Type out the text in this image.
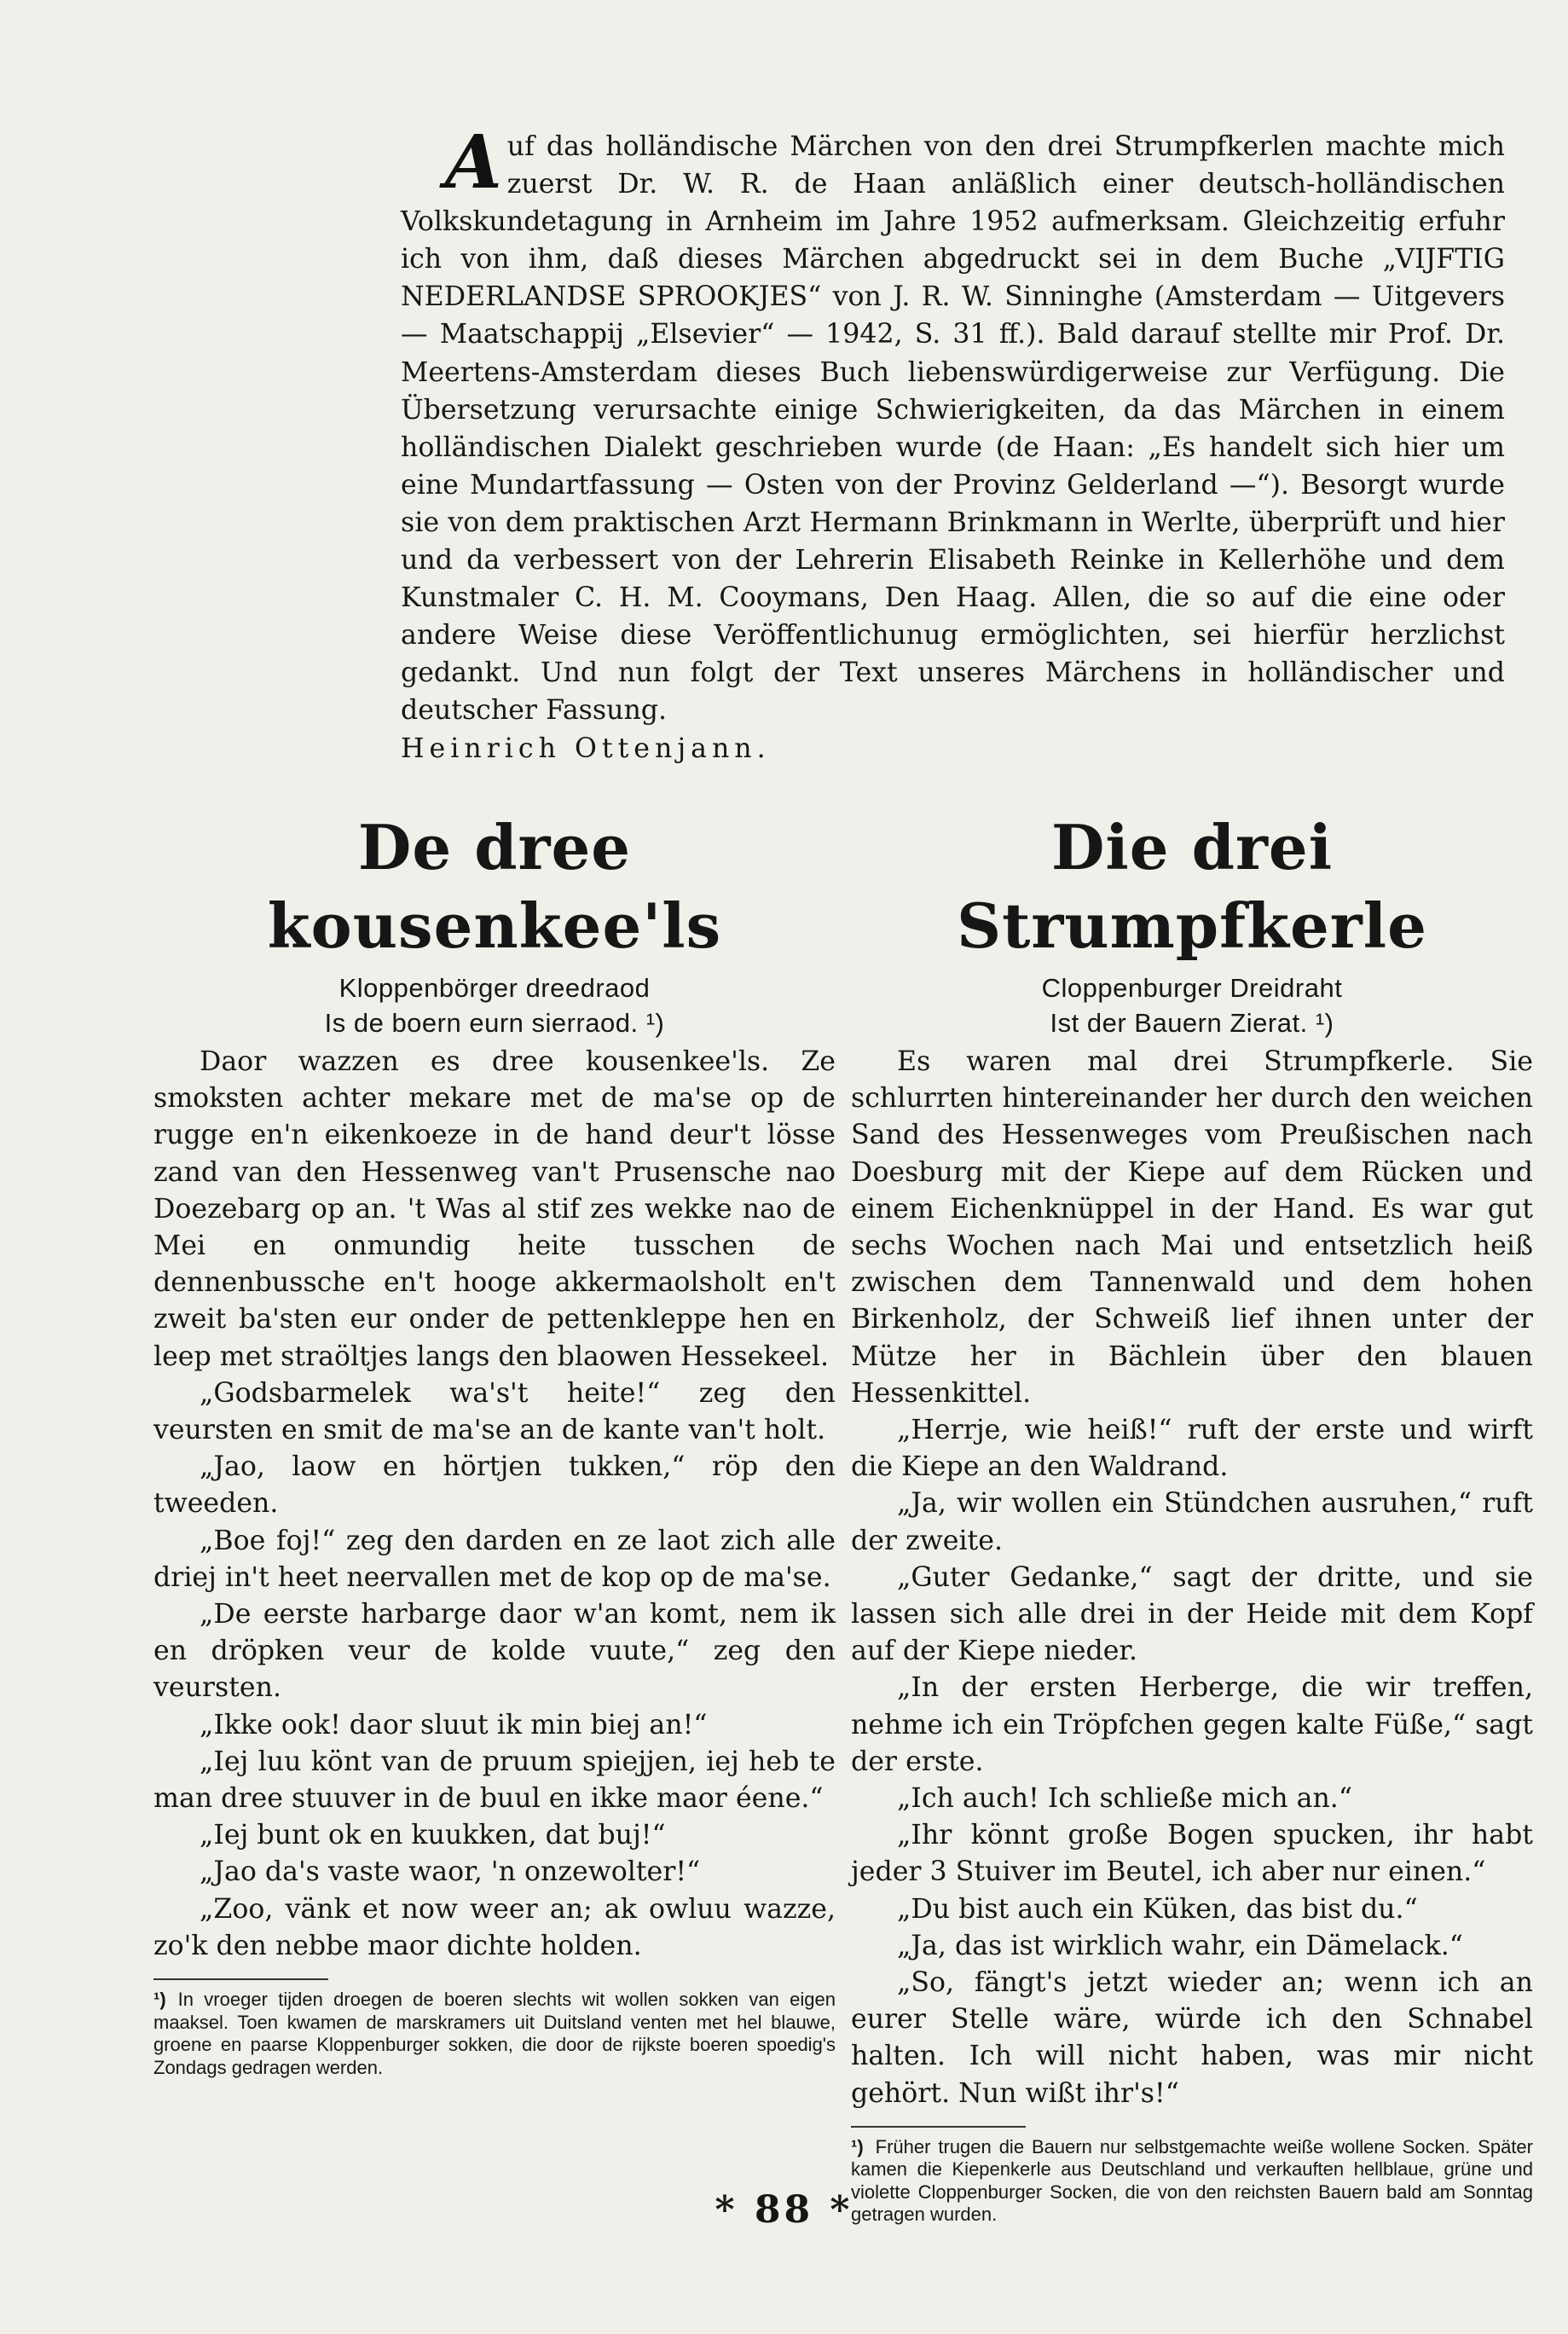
Auf das holländische Märchen von den drei Strumpfkerlen machte mich zuerst Dr. W. R. de Haan anläßlich einer deutsch-holländischen Volkskundetagung in Arnheim im Jahre 1952 aufmerksam. Gleichzeitig erfuhr ich von ihm, daß dieses Märchen abgedruckt sei in dem Buche „VIJFTIG NEDERLANDSE SPROOKJES“ von J. R. W. Sinninghe (Amsterdam — Uitgevers — Maatschappij „Elsevier“ — 1942, S. 31 ff.). Bald darauf stellte mir Prof. Dr. Meertens-Amsterdam dieses Buch liebenswürdigerweise zur Verfügung. Die Übersetzung verursachte einige Schwierigkeiten, da das Märchen in einem holländischen Dialekt geschrieben wurde (de Haan: „Es handelt sich hier um eine Mundartfassung — Osten von der Provinz Gelderland —“). Besorgt wurde sie von dem praktischen Arzt Hermann Brinkmann in Werlte, überprüft und hier und da verbessert von der Lehrerin Elisabeth Reinke in Kellerhöhe und dem Kunstmaler C. H. M. Cooymans, Den Haag. Allen, die so auf die eine oder andere Weise diese Veröffentlichunug ermöglichten, sei hierfür herzlichst gedankt. Und nun folgt der Text unseres Märchens in holländischer und deutscher Fassung.

Heinrich Ottenjann.

De dree kousenkee'ls
Kloppenbörger dreedraod
Is de boern eurn sierraod. ¹)

Daor wazzen es dree kousenkee'ls. Ze smoksten achter mekare met de ma'se op de rugge en'n eikenkoeze in de hand deur't lösse zand van den Hessenweg van't Prusensche nao Doezebarg op an. 't Was al stif zes wekke nao de Mei en onmundig heite tusschen de dennenbussche en't hooge akkermaolsholt en't zweit ba'sten eur onder de pettenkleppe hen en leep met straöltjes langs den blaowen Hessekeel.

„Godsbarmelek wa's't heite!“ zeg den veursten en smit de ma'se an de kante van't holt.

„Jao, laow en hörtjen tukken,“ röp den tweeden.

„Boe foj!“ zeg den darden en ze laot zich alle driej in't heet neervallen met de kop op de ma'se.

„De eerste harbarge daor w'an komt, nem ik en dröpken veur de kolde vuute,“ zeg den veursten.

„Ikke ook! daor sluut ik min biej an!“

„Iej luu könt van de pruum spiejjen, iej heb te man dree stuuver in de buul en ikke maor éene.“

„Iej bunt ok en kuukken, dat buj!“

„Jao da's vaste waor, 'n onzewolter!“

„Zoo, vänk et now weer an; ak owluu wazze, zo'k den nebbe maor dichte holden.

¹) In vroeger tijden droegen de boeren slechts wit wollen sokken van eigen maaksel. Toen kwamen de marskramers uit Duitsland venten met hel blauwe, groene en paarse Kloppenburger sokken, die door de rijkste boeren spoedig's Zondags gedragen werden.
Die drei Strumpfkerle
Cloppenburger Dreidraht
Ist der Bauern Zierat. ¹)

Es waren mal drei Strumpfkerle. Sie schlurrten hintereinander her durch den weichen Sand des Hessenweges vom Preußischen nach Doesburg mit der Kiepe auf dem Rücken und einem Eichenknüppel in der Hand. Es war gut sechs Wochen nach Mai und entsetzlich heiß zwischen dem Tannenwald und dem hohen Birkenholz, der Schweiß lief ihnen unter der Mütze her in Bächlein über den blauen Hessenkittel.

„Herrje, wie heiß!“ ruft der erste und wirft die Kiepe an den Waldrand.

„Ja, wir wollen ein Stündchen ausruhen,“ ruft der zweite.

„Guter Gedanke,“ sagt der dritte, und sie lassen sich alle drei in der Heide mit dem Kopf auf der Kiepe nieder.

„In der ersten Herberge, die wir treffen, nehme ich ein Tröpfchen gegen kalte Füße,“ sagt der erste.

„Ich auch! Ich schließe mich an.“

„Ihr könnt große Bogen spucken, ihr habt jeder 3 Stuiver im Beutel, ich aber nur einen.“

„Du bist auch ein Küken, das bist du.“

„Ja, das ist wirklich wahr, ein Dämelack.“

„So, fängt's jetzt wieder an; wenn ich an eurer Stelle wäre, würde ich den Schnabel halten. Ich will nicht haben, was mir nicht gehört. Nun wißt ihr's!“

¹) Früher trugen die Bauern nur selbstgemachte weiße wollene Socken. Später kamen die Kiepenkerle aus Deutschland und verkauften hellblaue, grüne und violette Cloppenburger Socken, die von den reichsten Bauern bald am Sonntag getragen wurden.
* 88 *
